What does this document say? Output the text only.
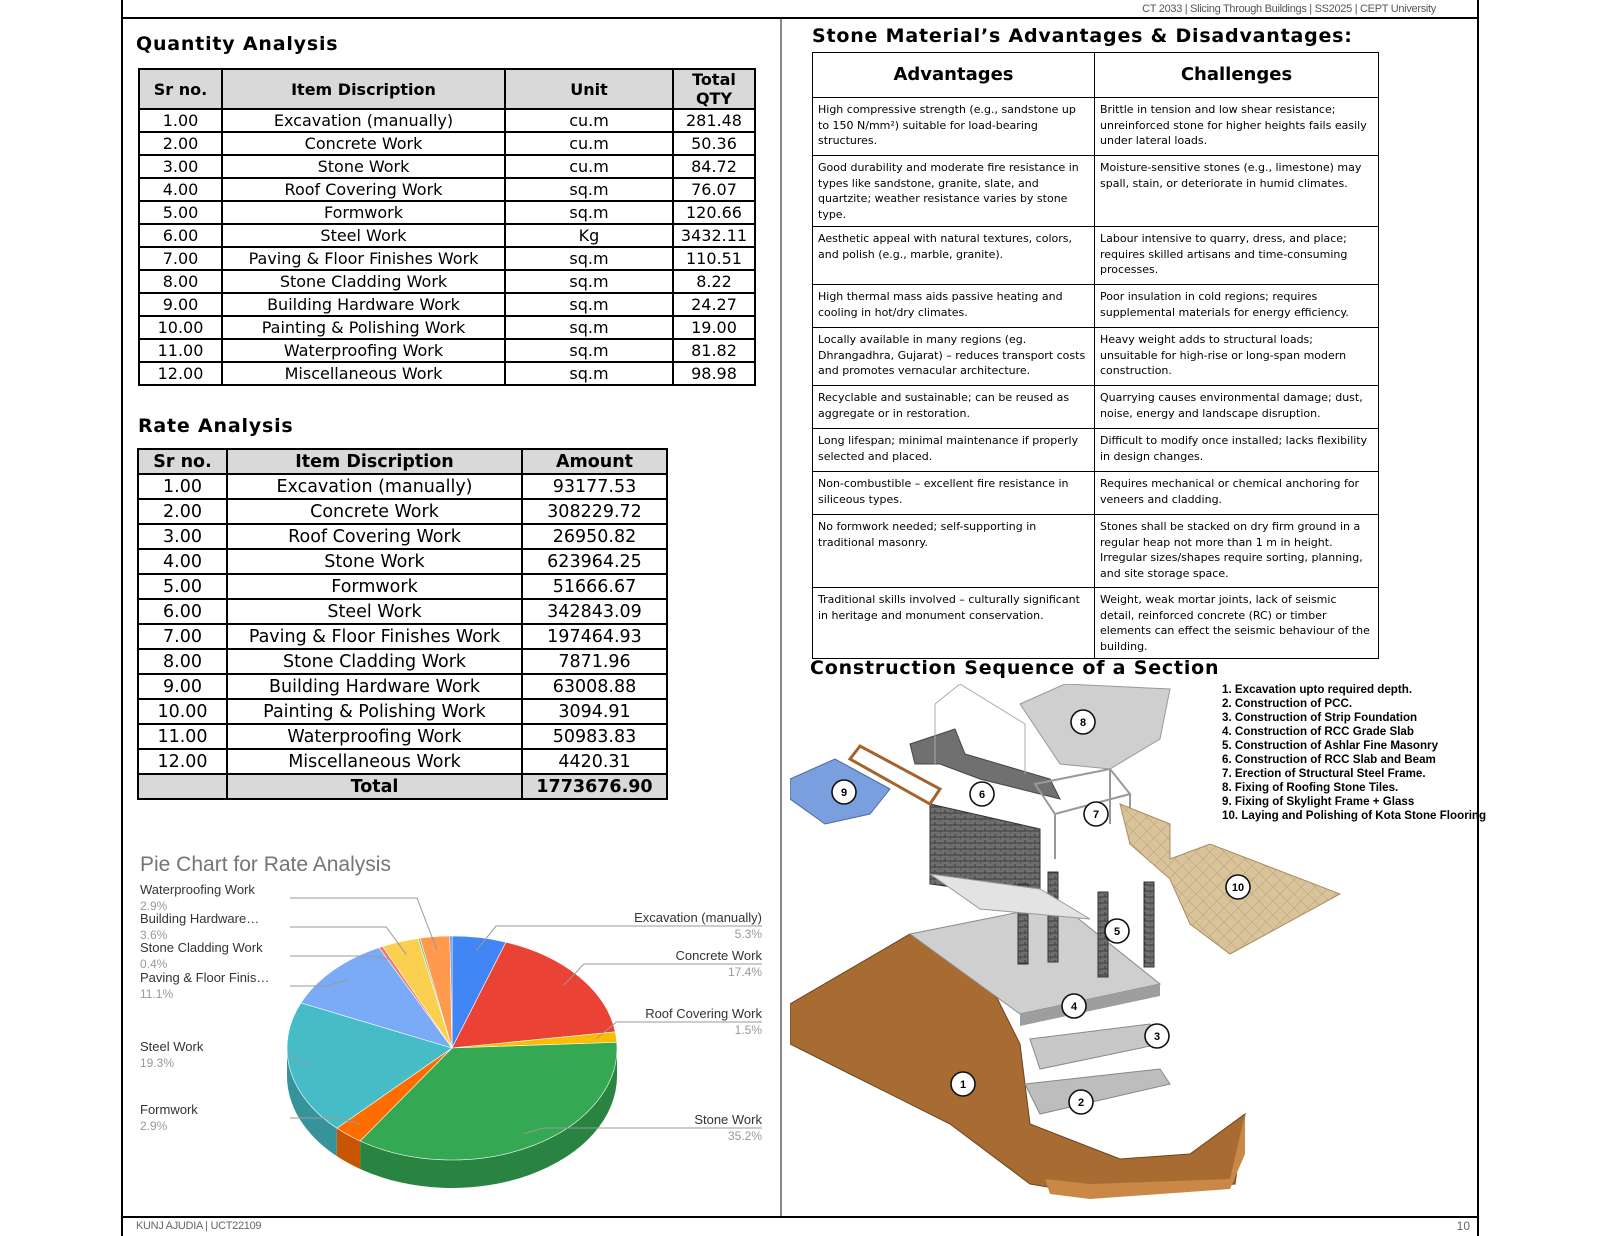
CT 2033 | Slicing Through Buildings | SS2025 | CEPT University
KUNJ AJUDIA | UCT22109	10
Quantity Analysis
Sr no.	Item Discription	Unit	Total QTY
1.00	Excavation (manually)	cu.m	281.48
2.00	Concrete Work	cu.m	50.36
3.00	Stone Work	cu.m	84.72
4.00	Roof Covering Work	sq.m	76.07
5.00	Formwork	sq.m	120.66
6.00	Steel Work	Kg	3432.11
7.00	Paving & Floor Finishes Work	sq.m	110.51
8.00	Stone Cladding Work	sq.m	8.22
9.00	Building Hardware Work	sq.m	24.27
10.00	Painting & Polishing Work	sq.m	19.00
11.00	Waterproofing Work	sq.m	81.82
12.00	Miscellaneous Work	sq.m	98.98
Rate Analysis
Sr no.	Item Discription	Amount
1.00	Excavation (manually)	93177.53
2.00	Concrete Work	308229.72
3.00	Roof Covering Work	26950.82
4.00	Stone Work	623964.25
5.00	Formwork	51666.67
6.00	Steel Work	342843.09
7.00	Paving & Floor Finishes Work	197464.93
8.00	Stone Cladding Work	7871.96
9.00	Building Hardware Work	63008.88
10.00	Painting & Polishing Work	3094.91
11.00	Waterproofing Work	50983.83
12.00	Miscellaneous Work	4420.31
	Total	1773676.90
Pie Chart for Rate Analysis
Excavation (manually)
5.3%
Concrete Work
17.4%
Roof Covering Work
1.5%
Stone Work
35.2%
Formwork
2.9%
Steel Work
19.3%
Paving & Floor Finis…
11.1%
Stone Cladding Work
0.4%
Building Hardware…
3.6%
Waterproofing Work
2.9%
Stone Material’s Advantages & Disadvantages:
Advantages	Challenges
High compressive strength (e.g., sandstone up to 150 N/mm²) suitable for load-bearing structures.	Brittle in tension and low shear resistance; unreinforced stone for higher heights fails easily under lateral loads.
Good durability and moderate fire resistance in types like sandstone, granite, slate, and quartzite; weather resistance varies by stone type.	Moisture-sensitive stones (e.g., limestone) may spall, stain, or deteriorate in humid climates.
Aesthetic appeal with natural textures, colors, and polish (e.g., marble, granite).	Labour intensive to quarry, dress, and place; requires skilled artisans and time-consuming processes.
High thermal mass aids passive heating and cooling in hot/dry climates.	Poor insulation in cold regions; requires supplemental materials for energy efficiency.
Locally available in many regions (eg. Dhrangadhra, Gujarat) – reduces transport costs and promotes vernacular architecture.	Heavy weight adds to structural loads; unsuitable for high-rise or long-span modern construction.
Recyclable and sustainable; can be reused as aggregate or in restoration.	Quarrying causes environmental damage; dust, noise, energy and landscape disruption.
Long lifespan; minimal maintenance if properly selected and placed.	Difficult to modify once installed; lacks flexibility in design changes.
Non-combustible – excellent fire resistance in siliceous types.	Requires mechanical or chemical anchoring for veneers and cladding.
No formwork needed; self-supporting in traditional masonry.	Stones shall be stacked on dry firm ground in a regular heap not more than 1 m in height. Irregular sizes/shapes require sorting, planning, and site storage space.
Traditional skills involved – culturally significant in heritage and monument conservation.	Weight, weak mortar joints, lack of seismic detail, reinforced concrete (RC) or timber elements can effect the seismic behaviour of the building.
Construction Sequence of a Section
1. Excavation upto required depth.
2. Construction of PCC.
3. Construction of Strip Foundation
4. Construction of RCC Grade Slab
5. Construction of Ashlar Fine Masonry
6. Construction of RCC Slab and Beam
7. Erection of Structural Steel Frame.
8. Fixing of Roofing Stone Tiles.
9. Fixing of Skylight Frame + Glass
10. Laying and Polishing of Kota Stone Flooring
1
2
3
4
5
6
7
8
9
10
